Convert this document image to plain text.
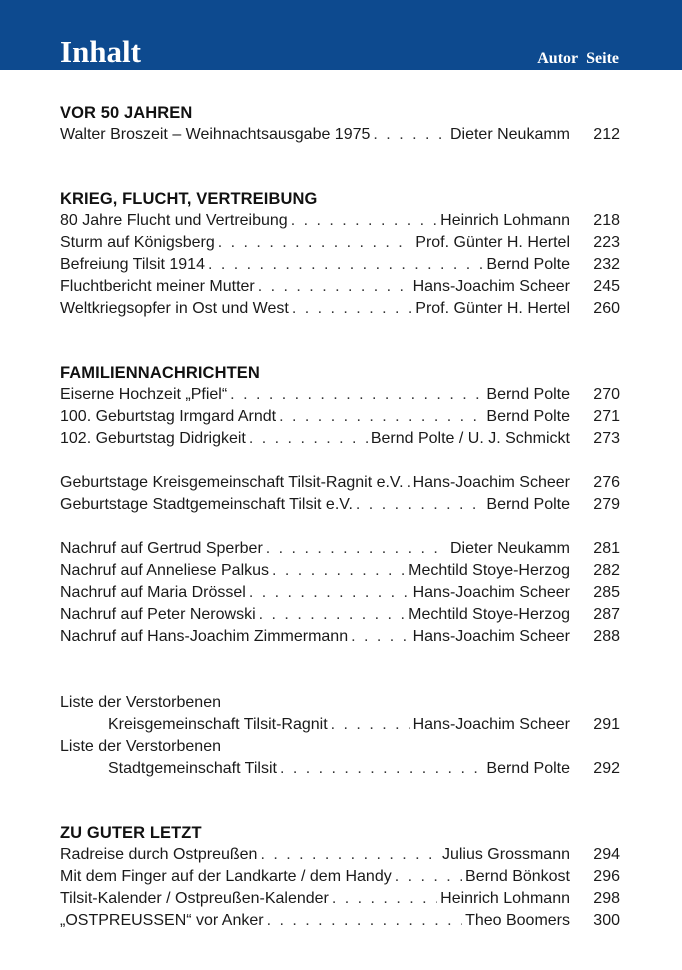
Inhalt	Autor Seite
VOR 50 JAHREN
Walter Broszeit – Weihnachtsausgabe 1975 . . .	Dieter Neukamm	212
KRIEG, FLUCHT, VERTREIBUNG
80 Jahre Flucht und Vertreibung . . .	Heinrich Lohmann	218
Sturm auf Königsberg . . .	Prof. Günter H. Hertel	223
Befreiung Tilsit 1914 . . .	Bernd Polte	232
Fluchtbericht meiner Mutter . . .	Hans-Joachim Scheer	245
Weltkriegsopfer in Ost und West . . .	Prof. Günter H. Hertel	260
FAMILIENNACHRICHTEN
Eiserne Hochzeit „Pfiel“ . . .	Bernd Polte	270
100. Geburtstag Irmgard Arndt . . .	Bernd Polte	271
102. Geburtstag Didrigkeit . . .	Bernd Polte / U. J. Schmickt	273
Geburtstage Kreisgemeinschaft Tilsit-Ragnit e.V. . . . Hans-Joachim Scheer	276
Geburtstage Stadtgemeinschaft Tilsit e.V. . . .	Bernd Polte	279
Nachruf auf Gertrud Sperber . . .	Dieter Neukamm	281
Nachruf auf Anneliese Palkus . . .	Mechtild Stoye-Herzog	282
Nachruf auf Maria Drössel . . .	Hans-Joachim Scheer	285
Nachruf auf Peter Nerowski . . .	Mechtild Stoye-Herzog	287
Nachruf auf Hans-Joachim Zimmermann . . .	Hans-Joachim Scheer	288
Liste der Verstorbenen
Kreisgemeinschaft Tilsit-Ragnit . . .	Hans-Joachim Scheer	291
Liste der Verstorbenen
Stadtgemeinschaft Tilsit . . .	Bernd Polte	292
ZU GUTER LETZT
Radreise durch Ostpreußen . . .	Julius Grossmann	294
Mit dem Finger auf der Landkarte / dem Handy . . .	Bernd Bönkost	296
Tilsit-Kalender / Ostpreußen-Kalender . . .	Heinrich Lohmann	298
„OSTPREUSSEN“ vor Anker . . .	Theo Boomers	300
